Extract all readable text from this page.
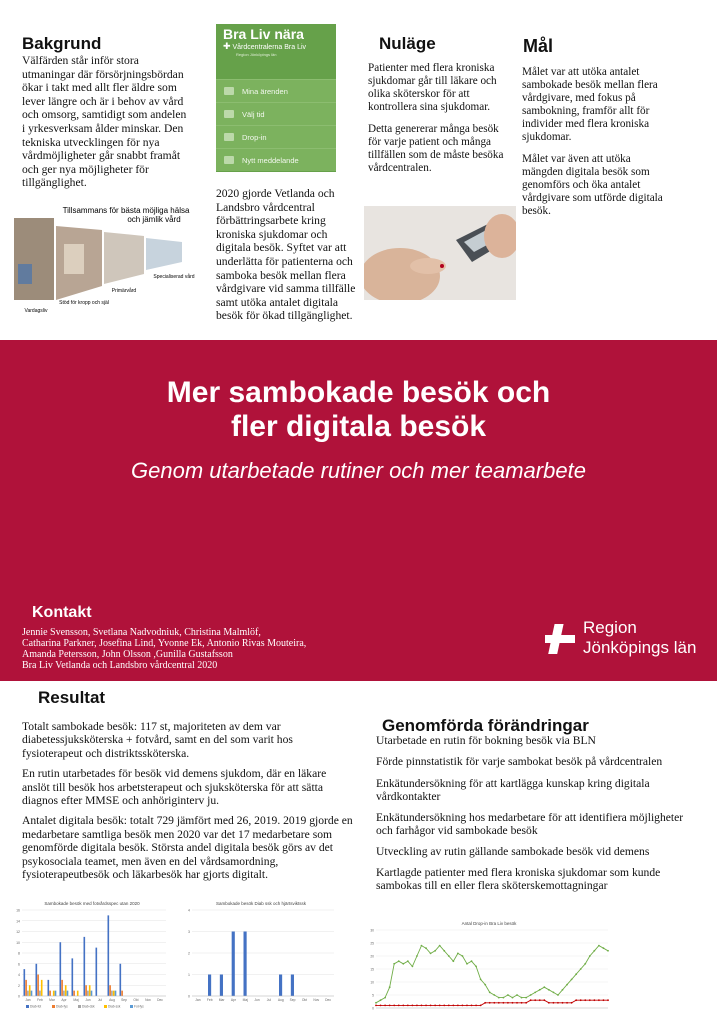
Bakgrund
Välfärden står inför stora utmaningar där försörjningsbördan ökar i takt med allt fler äldre som lever längre och är i behov av vård och omsorg, samtidigt som andelen i yrkesverksam ålder minskar. Den tekniska utvecklingen för nya vårdmöjligheter går snabbt framåt och ger nya möjligheter för tillgänglighet.
Tillsammans för bästa möjliga hälsa
och jämlik vård
Vardagsliv
Stöd för kropp och själ
Primärvård
Specialiserad vård
Bra Liv nära
✚ Vårdcentralerna Bra Liv
Region Jönköpings län
Mina ärenden
Välj tid
Drop-in
Nytt meddelande
2020 gjorde Vetlanda och Landsbro vårdcentral förbättringsarbete kring kroniska sjukdomar och digitala besök. Syftet var att underlätta för patienterna och samboka besök mellan flera vårdgivare vid samma tillfälle samt utöka antalet digitala besök för ökad tillgänglighet.
Nuläge

Patienter med flera kroniska sjukdomar går till läkare och olika sköterskor för att kontrollera sina sjukdomar.

Detta genererar många besök för varje patient och många tillfällen som de måste besöka vårdcentralen.

Mål

Målet var att utöka antalet sambokade besök mellan flera vårdgivare, med fokus på sambokning, framför allt för individer med flera kroniska sjukdomar.

Målet var även att utöka mängden digitala besök som genomförs och öka antalet vårdgivare som utförde digitala besök.

Mer sambokade besök och
fler digitala besök
Genom utarbetade rutiner och mer teamarbete
Kontakt
Jennie Svensson, Svetlana Nadvodniuk, Christina Malmlöf,
Catharina Parkner, Josefina Lind, Yvonne Ek, Antonio Rivas Mouteira,
Amanda Petersson, John Olsson ,Gunilla Gustafsson
Bra Liv Vetlanda och Landsbro vårdcentral 2020
Region
Jönköpings län
Resultat

Totalt sambokade besök: 117 st, majoriteten av dem var diabetessjuksköterska + fotvård, samt en del som varit hos fysioterapeut och distriktssköterska.

En rutin utarbetades för besök vid demens sjukdom, där en läkare anslöt till besök hos arbetsterapeut och sjuksköterska för att sätta diagnos efter MMSE och anhöriginterv ju.

Antalet digitala besök: totalt 729 jämfört med 26, 2019. 2019 gjorde en medarbetare samtliga besök men 2020 var det 17 medarbetare som genomförde digitala besök. Största andel digitala besök görs av det psykosociala teamet, men även en del vårdsamordning, fysioterapeutbesök och läkarbesök har gjorts digitalt.

Genomförda förändringar
Utarbetade en rutin för bokning besök via BLN
Förde pinnstatistik för varje sambokat besök på vårdcentralen
Enkätundersökning för att kartlägga kunskap kring digitala vårdkontakter
Enkätundersökning hos medarbetare för att identifiera möjligheter och farhågor vid sambokade besök
Utveckling av rutin gällande sambokade besök vid demens
Kartlagde patienter med flera kroniska sjukdomar som kunde sambokas till en eller flera sköterskemottagningar
Sambokade besök med fotvårdsspec utan 2020
0
2
4
6
8
10
12
14
16
Jan Feb Mar Apr Maj Jun Jul Aug Sep Okt Nov Dec
Diab-fot	Diab-fys	Diab-dsk	Diab-ssk	Fot-fys
Sambokade besök Diab ssk och hjärtsviktssk
0
1
2
3
4
Jan Feb Mar Apr Maj Jun Jul Aug Sep Okt Nov Dec
Antal Drop-in Bra Liv besök
0
5
10
15
20
25
30
